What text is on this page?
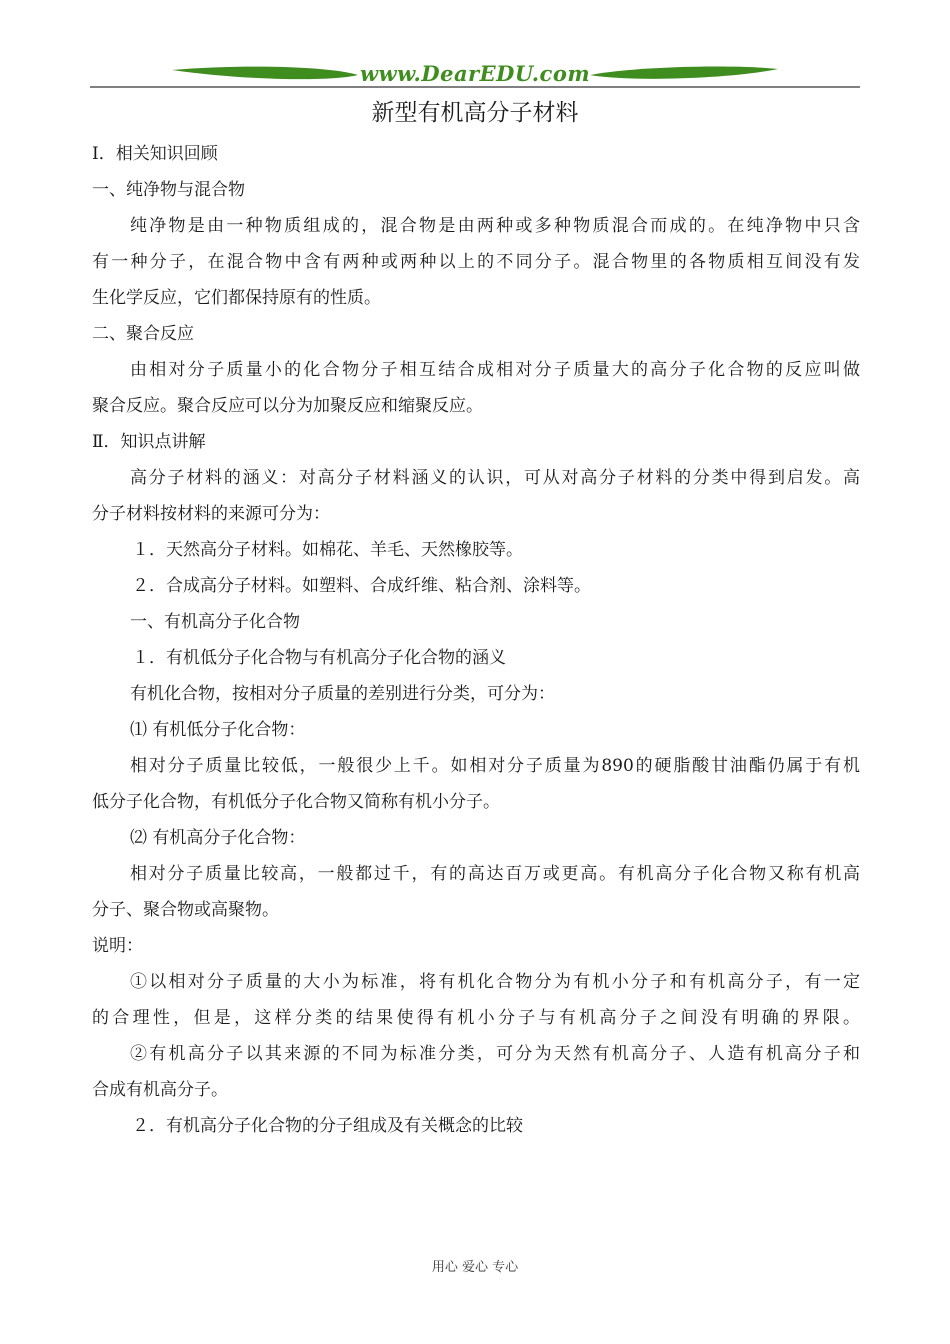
www.DearEDU.com
新型有机高分子材料
Ⅰ．相关知识回顾
一、纯净物与混合物
纯净物是由一种物质组成的，混合物是由两种或多种物质混合而成的。在纯净物中只含
有一种分子，在混合物中含有两种或两种以上的不同分子。混合物里的各物质相互间没有发
生化学反应，它们都保持原有的性质。
二、聚合反应
由相对分子质量小的化合物分子相互结合成相对分子质量大的高分子化合物的反应叫做
聚合反应。聚合反应可以分为加聚反应和缩聚反应。
Ⅱ．知识点讲解
高分子材料的涵义：对高分子材料涵义的认识，可从对高分子材料的分类中得到启发。高
分子材料按材料的来源可分为：
１．天然高分子材料。如棉花、羊毛、天然橡胶等。
２．合成高分子材料。如塑料、合成纤维、粘合剂、涂料等。
一、有机高分子化合物
１．有机低分子化合物与有机高分子化合物的涵义
有机化合物，按相对分子质量的差别进行分类，可分为：
⑴ 有机低分子化合物：
相对分子质量比较低，一般很少上千。如相对分子质量为890的硬脂酸甘油酯仍属于有机
低分子化合物，有机低分子化合物又简称有机小分子。
⑵ 有机高分子化合物：
相对分子质量比较高，一般都过千，有的高达百万或更高。有机高分子化合物又称有机高
分子、聚合物或高聚物。
说明：
①以相对分子质量的大小为标准，将有机化合物分为有机小分子和有机高分子，有一定
的合理性，但是，这样分类的结果使得有机小分子与有机高分子之间没有明确的界限。
②有机高分子以其来源的不同为标准分类，可分为天然有机高分子、人造有机高分子和
合成有机高分子。
２．有机高分子化合物的分子组成及有关概念的比较
用心 爱心 专心
